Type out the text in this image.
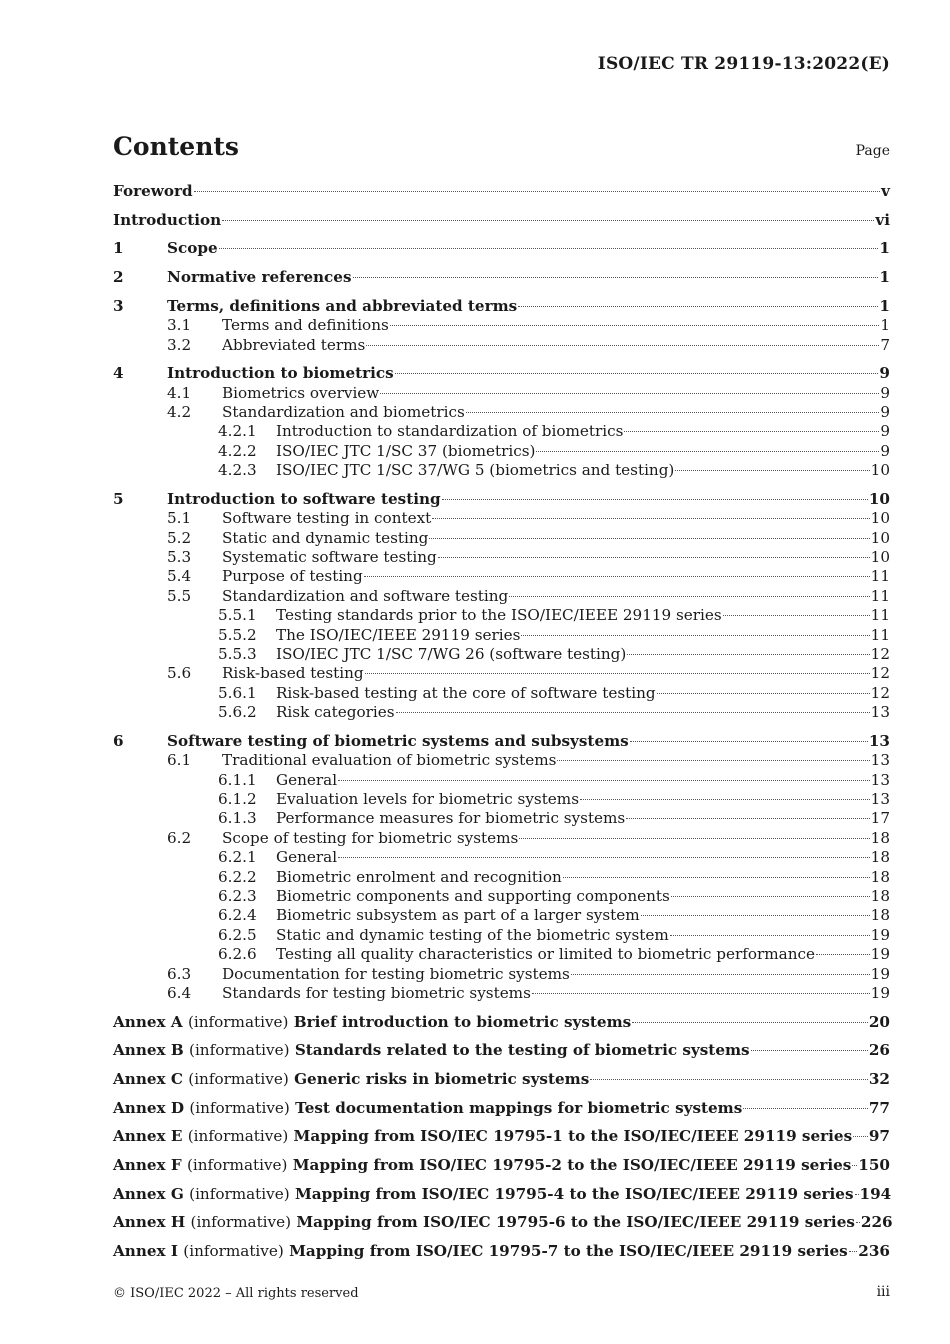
ISO/IEC TR 29119-13:2022(E)
Contents	Page
Foreword	v
Introduction	vi
1	Scope	1
2	Normative references	1
3	Terms, definitions and abbreviated terms	1
3.1	Terms and definitions	1
3.2	Abbreviated terms	7
4	Introduction to biometrics	9
4.1	Biometrics overview	9
4.2	Standardization and biometrics	9
4.2.1	Introduction to standardization of biometrics	9
4.2.2	ISO/IEC JTC 1/SC 37 (biometrics)	9
4.2.3	ISO/IEC JTC 1/SC 37/WG 5 (biometrics and testing)	10
5	Introduction to software testing	10
5.1	Software testing in context	10
5.2	Static and dynamic testing	10
5.3	Systematic software testing	10
5.4	Purpose of testing	11
5.5	Standardization and software testing	11
5.5.1	Testing standards prior to the ISO/IEC/IEEE 29119 series	11
5.5.2	The ISO/IEC/IEEE 29119 series	11
5.5.3	ISO/IEC JTC 1/SC 7/WG 26 (software testing)	12
5.6	Risk-based testing	12
5.6.1	Risk-based testing at the core of software testing	12
5.6.2	Risk categories	13
6	Software testing of biometric systems and subsystems	13
6.1	Traditional evaluation of biometric systems	13
6.1.1	General	13
6.1.2	Evaluation levels for biometric systems	13
6.1.3	Performance measures for biometric systems	17
6.2	Scope of testing for biometric systems	18
6.2.1	General	18
6.2.2	Biometric enrolment and recognition	18
6.2.3	Biometric components and supporting components	18
6.2.4	Biometric subsystem as part of a larger system	18
6.2.5	Static and dynamic testing of the biometric system	19
6.2.6	Testing all quality characteristics or limited to biometric performance	19
6.3	Documentation for testing biometric systems	19
6.4	Standards for testing biometric systems	19
Annex A (informative) Brief introduction to biometric systems	20
Annex B (informative) Standards related to the testing of biometric systems	26
Annex C (informative) Generic risks in biometric systems	32
Annex D (informative) Test documentation mappings for biometric systems	77
Annex E (informative) Mapping from ISO/IEC 19795-1 to the ISO/IEC/IEEE 29119 series 97
Annex F (informative) Mapping from ISO/IEC 19795-2 to the ISO/IEC/IEEE 29119 series 150
Annex G (informative) Mapping from ISO/IEC 19795-4 to the ISO/IEC/IEEE 29119 series 194
Annex H (informative) Mapping from ISO/IEC 19795-6 to the ISO/IEC/IEEE 29119 series 226
Annex I (informative) Mapping from ISO/IEC 19795-7 to the ISO/IEC/IEEE 29119 series 236
© ISO/IEC 2022 – All rights reserved	iii
